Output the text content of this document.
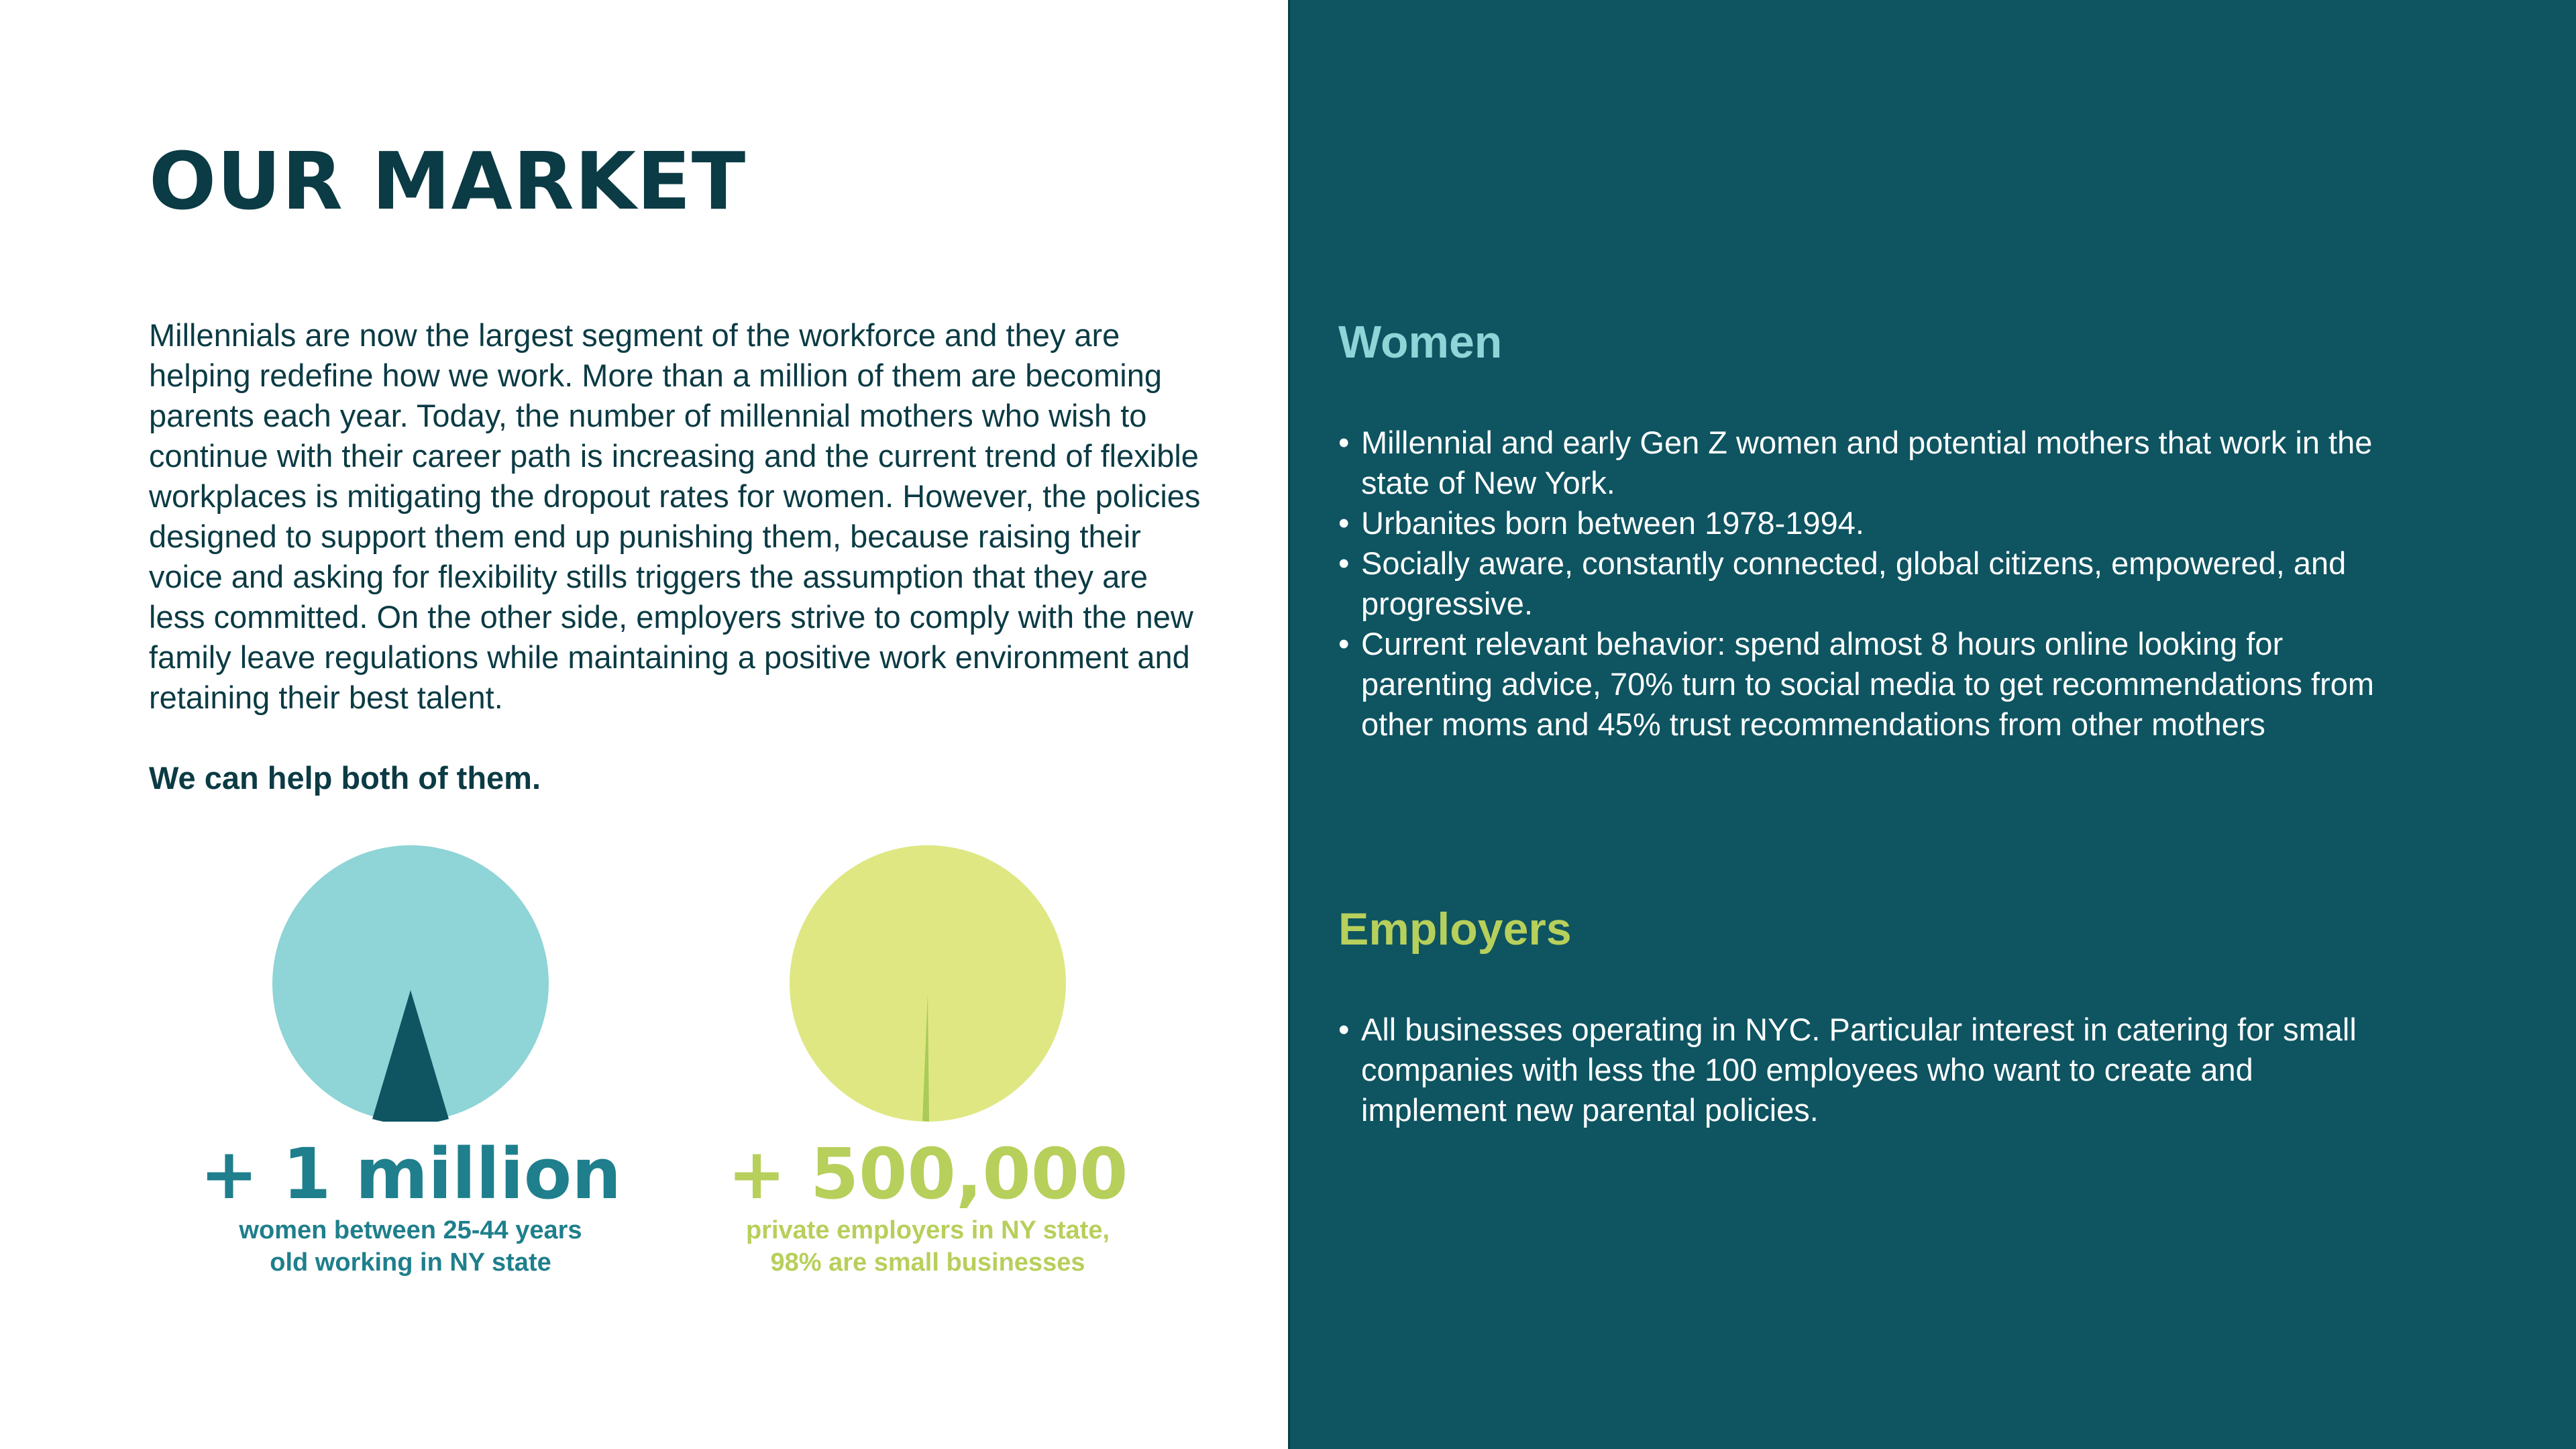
OUR MARKET

Millennials are now the largest segment of the workforce and they are helping redefine how we work. More than a million of them are becoming parents each year. Today, the number of millennial mothers who wish to continue with their career path is increasing and the current trend of flexible workplaces is mitigating the dropout rates for women. However, the policies designed to support them end up punishing them, because raising their voice and asking for flexibility stills triggers the assumption that they are less committed. On the other side, employers strive to comply with the new family leave regulations while maintaining a positive work environment and retaining their best talent.

We can help both of them.

+ 1 million

women between 25-44 years

old working in NY state

+ 500,000

private employers in NY state,

98% are small businesses

Women
• Millennial and early Gen Z women and potential mothers that work in the state of New York.
• Urbanites born between 1978-1994.
• Socially aware, constantly connected, global citizens, empowered, and progressive.
• Current relevant behavior: spend almost 8 hours online looking for parenting advice, 70% turn to social media to get recommendations from other moms and 45% trust recommendations from other mothers
Employers
• All businesses operating in NYC. Particular interest in catering for small companies with less the 100 employees who want to create and implement new parental policies.
